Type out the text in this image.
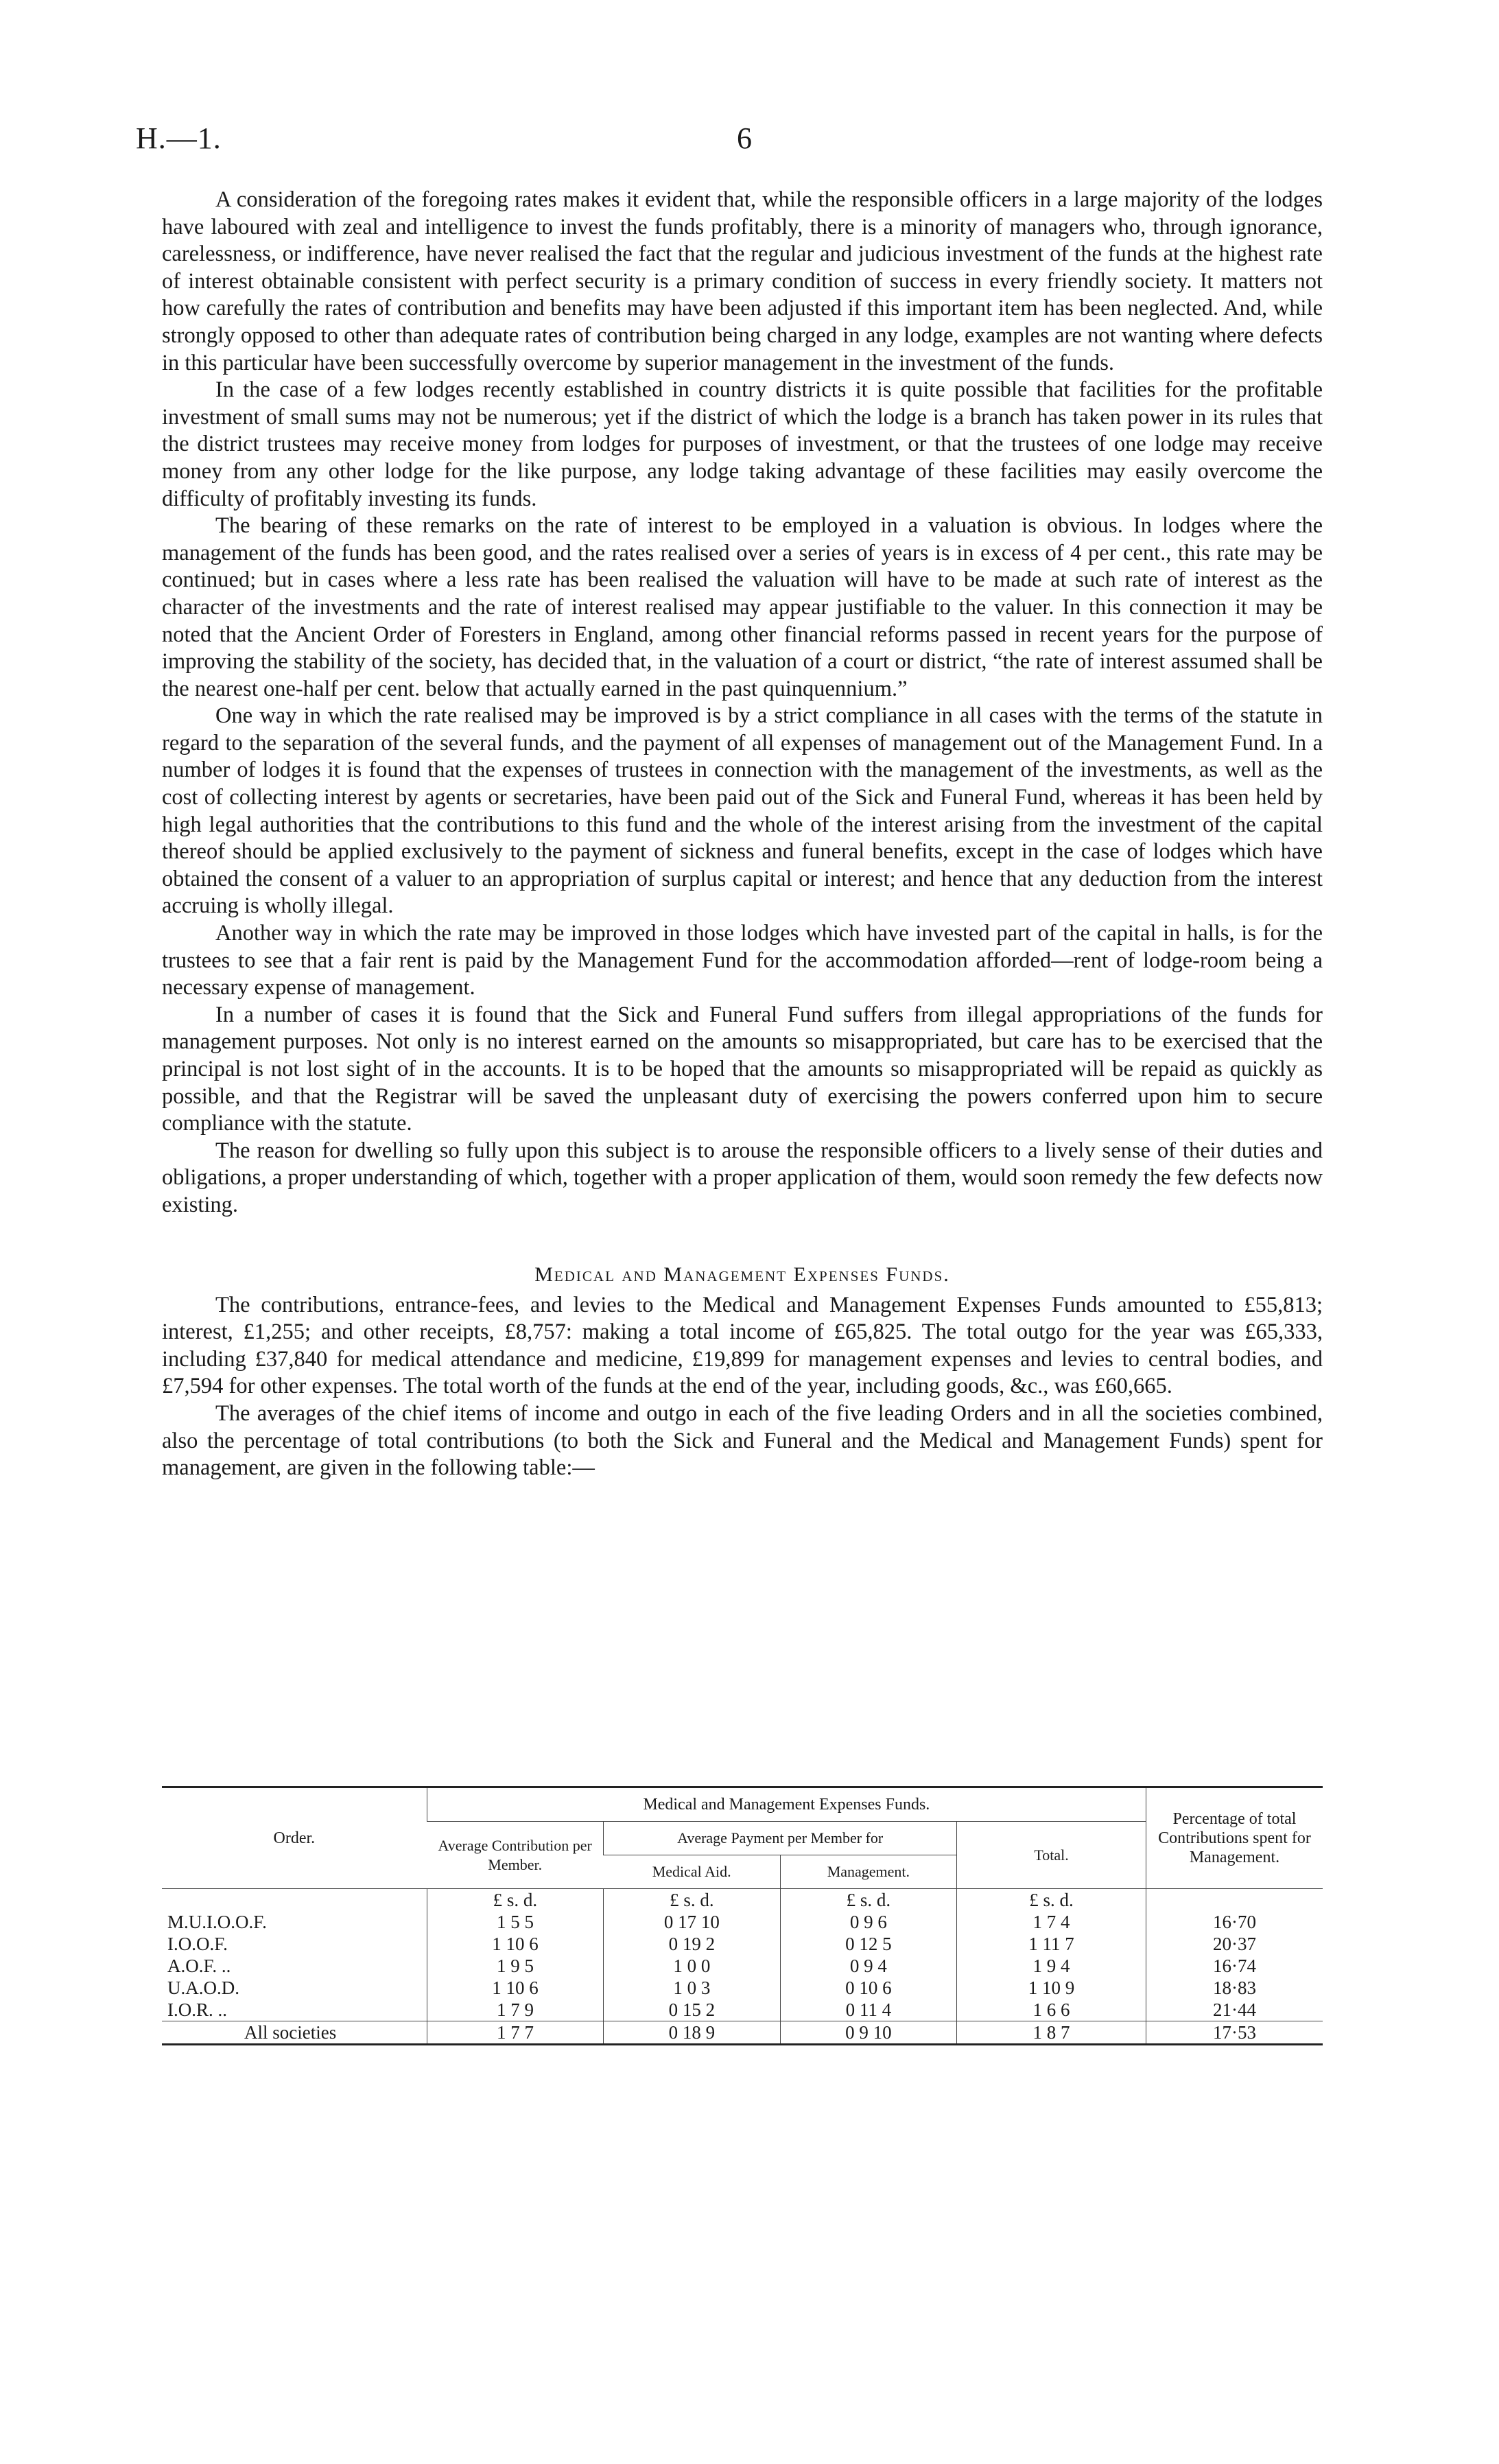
H.—1.	6

A consideration of the foregoing rates makes it evident that, while the responsible officers in a large majority of the lodges have laboured with zeal and intelligence to invest the funds profitably, there is a minority of managers who, through ignorance, carelessness, or indifference, have never realised the fact that the regular and judicious investment of the funds at the highest rate of interest obtainable consistent with perfect security is a primary condition of success in every friendly society. It matters not how carefully the rates of contribution and benefits may have been adjusted if this important item has been neglected. And, while strongly opposed to other than adequate rates of contribution being charged in any lodge, examples are not wanting where defects in this particular have been successfully overcome by superior management in the investment of the funds.

In the case of a few lodges recently established in country districts it is quite possible that facilities for the profitable investment of small sums may not be numerous; yet if the district of which the lodge is a branch has taken power in its rules that the district trustees may receive money from lodges for purposes of investment, or that the trustees of one lodge may receive money from any other lodge for the like purpose, any lodge taking advantage of these facilities may easily overcome the difficulty of profitably investing its funds.

The bearing of these remarks on the rate of interest to be employed in a valuation is obvious. In lodges where the management of the funds has been good, and the rates realised over a series of years is in excess of 4 per cent., this rate may be continued; but in cases where a less rate has been realised the valuation will have to be made at such rate of interest as the character of the investments and the rate of interest realised may appear justifiable to the valuer. In this connection it may be noted that the Ancient Order of Foresters in England, among other financial reforms passed in recent years for the purpose of improving the stability of the society, has decided that, in the valuation of a court or district, “the rate of interest assumed shall be the nearest one-half per cent. below that actually earned in the past quinquennium.”

One way in which the rate realised may be improved is by a strict compliance in all cases with the terms of the statute in regard to the separation of the several funds, and the payment of all expenses of management out of the Management Fund. In a number of lodges it is found that the expenses of trustees in connection with the management of the investments, as well as the cost of collecting interest by agents or secretaries, have been paid out of the Sick and Funeral Fund, whereas it has been held by high legal authorities that the contributions to this fund and the whole of the interest arising from the investment of the capital thereof should be applied exclusively to the payment of sickness and funeral benefits, except in the case of lodges which have obtained the consent of a valuer to an appropriation of surplus capital or interest; and hence that any deduction from the interest accruing is wholly illegal.

Another way in which the rate may be improved in those lodges which have invested part of the capital in halls, is for the trustees to see that a fair rent is paid by the Management Fund for the accommodation afforded—rent of lodge-room being a necessary expense of management.

In a number of cases it is found that the Sick and Funeral Fund suffers from illegal appropriations of the funds for management purposes. Not only is no interest earned on the amounts so misappropriated, but care has to be exercised that the principal is not lost sight of in the accounts. It is to be hoped that the amounts so misappropriated will be repaid as quickly as possible, and that the Registrar will be saved the unpleasant duty of exercising the powers conferred upon him to secure compliance with the statute.

The reason for dwelling so fully upon this subject is to arouse the responsible officers to a lively sense of their duties and obligations, a proper understanding of which, together with a proper application of them, would soon remedy the few defects now existing.

Medical and Management Expenses Funds.

The contributions, entrance-fees, and levies to the Medical and Management Expenses Funds amounted to £55,813; interest, £1,255; and other receipts, £8,757: making a total income of £65,825. The total outgo for the year was £65,333, including £37,840 for medical attendance and medicine, £19,899 for management expenses and levies to central bodies, and £7,594 for other expenses. The total worth of the funds at the end of the year, including goods, &c., was £60,665.

The averages of the chief items of income and outgo in each of the five leading Orders and in all the societies combined, also the percentage of total contributions (to both the Sick and Funeral and the Medical and Management Funds) spent for management, are given in the following table:—

Order.	Medical and Management Expenses Funds.				Percentage of total Contributions spent for Management.
	Average Contribution per Member.	Average Payment per Member for		Total.	
		Medical Aid.	Management.		
	£ s. d.	£ s. d.	£ s. d.	£ s. d.	
M.U.I.O.O.F.	1 5 5	0 17 10	0 9 6	1 7 4	16·70
I.O.O.F.	1 10 6	0 19 2	0 12 5	1 11 7	20·37
A.O.F. ..	1 9 5	1 0 0	0 9 4	1 9 4	16·74
U.A.O.D.	1 10 6	1 0 3	0 10 6	1 10 9	18·83
I.O.R. ..	1 7 9	0 15 2	0 11 4	1 6 6	21·44
All societies	1 7 7	0 18 9	0 9 10	1 8 7	17·53
